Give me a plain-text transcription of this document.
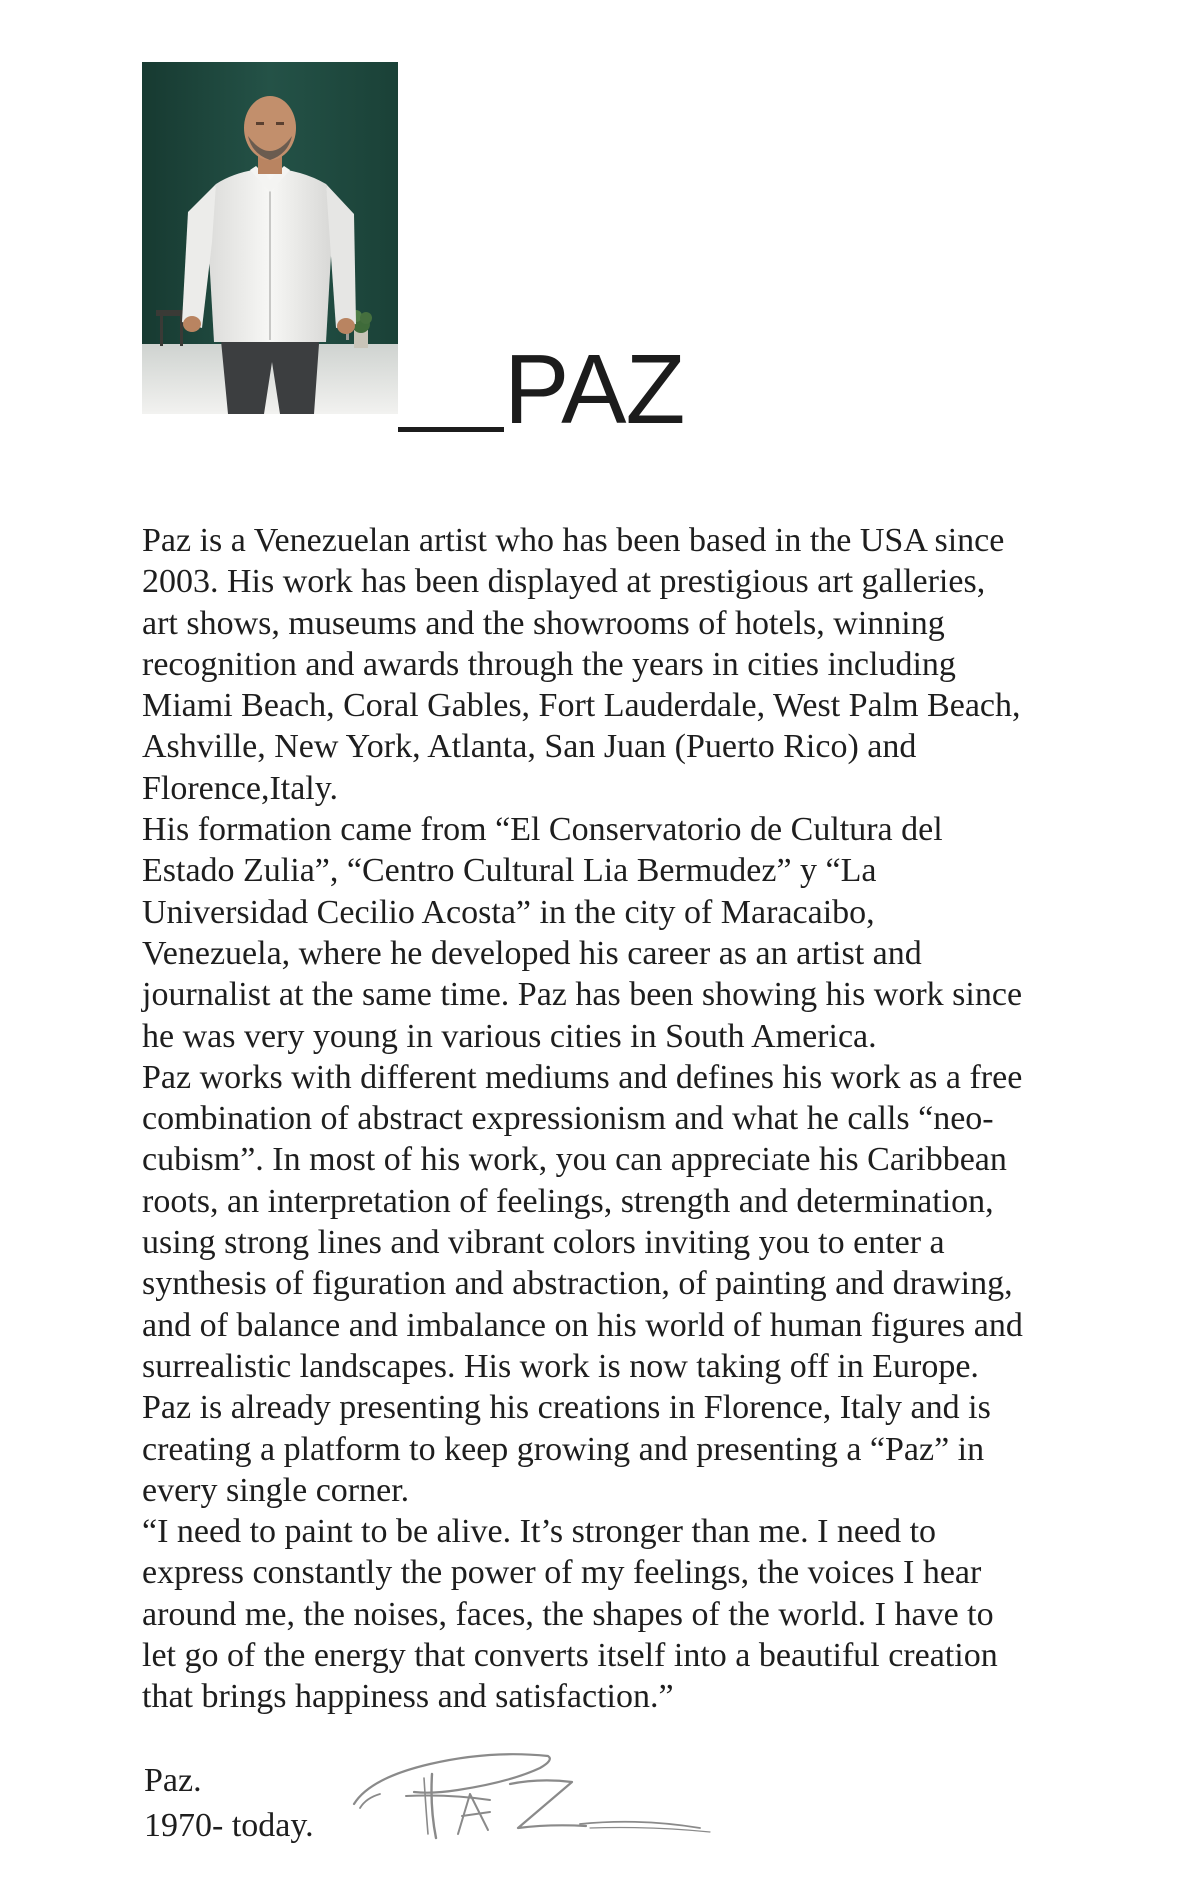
PAZ

Paz is a Venezuelan artist who has been based in the USA since
2003. His work has been displayed at prestigious art galleries,
art shows, museums and the showrooms of hotels, winning
recognition and awards through the years in cities including
Miami Beach, Coral Gables, Fort Lauderdale, West Palm Beach,
Ashville, New York, Atlanta, San Juan (Puerto Rico) and
Florence,Italy.

His formation came from “El Conservatorio de Cultura del
Estado Zulia”, “Centro Cultural Lia Bermudez” y “La
Universidad Cecilio Acosta” in the city of Maracaibo,
Venezuela, where he developed his career as an artist and
journalist at the same time. Paz has been showing his work since
he was very young in various cities in South America.

Paz works with different mediums and defines his work as a free
combination of abstract expressionism and what he calls “neo-
cubism”. In most of his work, you can appreciate his Caribbean
roots, an interpretation of feelings, strength and determination,
using strong lines and vibrant colors inviting you to enter a
synthesis of figuration and abstraction, of painting and drawing,
and of balance and imbalance on his world of human figures and
surrealistic landscapes. His work is now taking off in Europe.
Paz is already presenting his creations in Florence, Italy and is
creating a platform to keep growing and presenting a “Paz” in
every single corner.

“I need to paint to be alive. It’s stronger than me. I need to
express constantly the power of my feelings, the voices I hear
around me, the noises, faces, the shapes of the world. I have to
let go of the energy that converts itself into a beautiful creation
that brings happiness and satisfaction.”

Paz.
1970- today.
